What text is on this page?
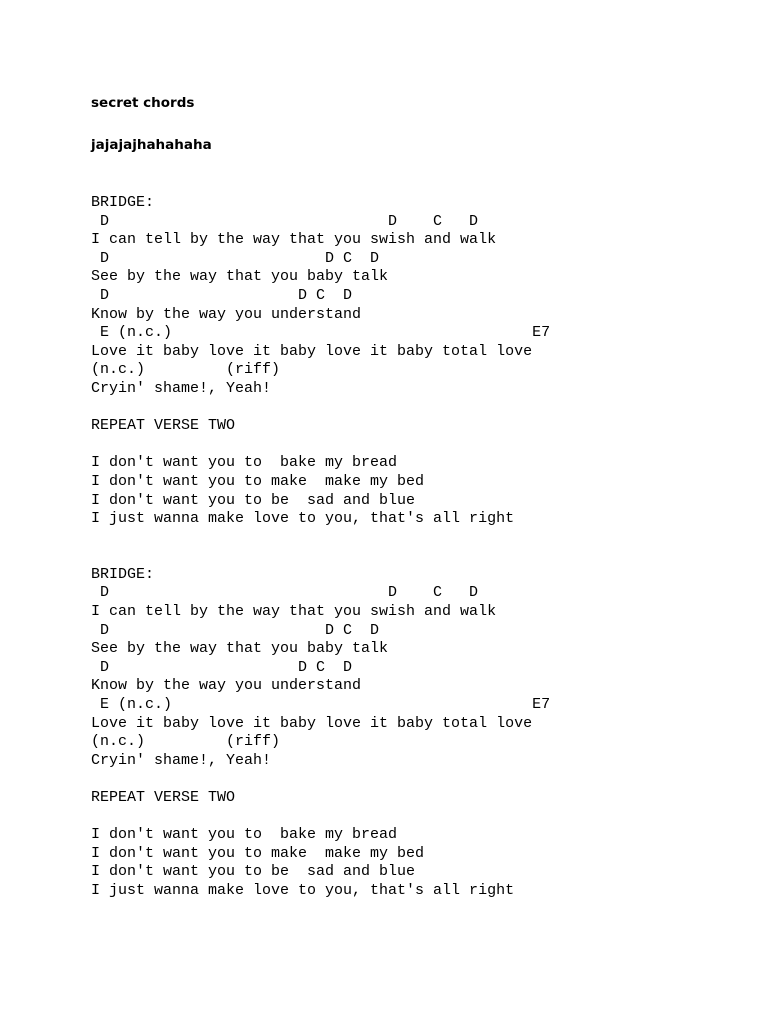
secret chords
jajajajhahahaha
BRIDGE:
D                               D    C   D
I can tell by the way that you swish and walk
D                        D C  D
See by the way that you baby talk
D                     D C  D
Know by the way you understand
E (n.c.)                                        E7
Love it baby love it baby love it baby total love
(n.c.)         (riff)
Cryin' shame!, Yeah!
REPEAT VERSE TWO
I don't want you to  bake my bread
I don't want you to make  make my bed
I don't want you to be  sad and blue
I just wanna make love to you, that's all right
BRIDGE:
D                               D    C   D
I can tell by the way that you swish and walk
D                        D C  D
See by the way that you baby talk
D                     D C  D
Know by the way you understand
E (n.c.)                                        E7
Love it baby love it baby love it baby total love
(n.c.)         (riff)
Cryin' shame!, Yeah!
REPEAT VERSE TWO
I don't want you to  bake my bread
I don't want you to make  make my bed
I don't want you to be  sad and blue
I just wanna make love to you, that's all right
